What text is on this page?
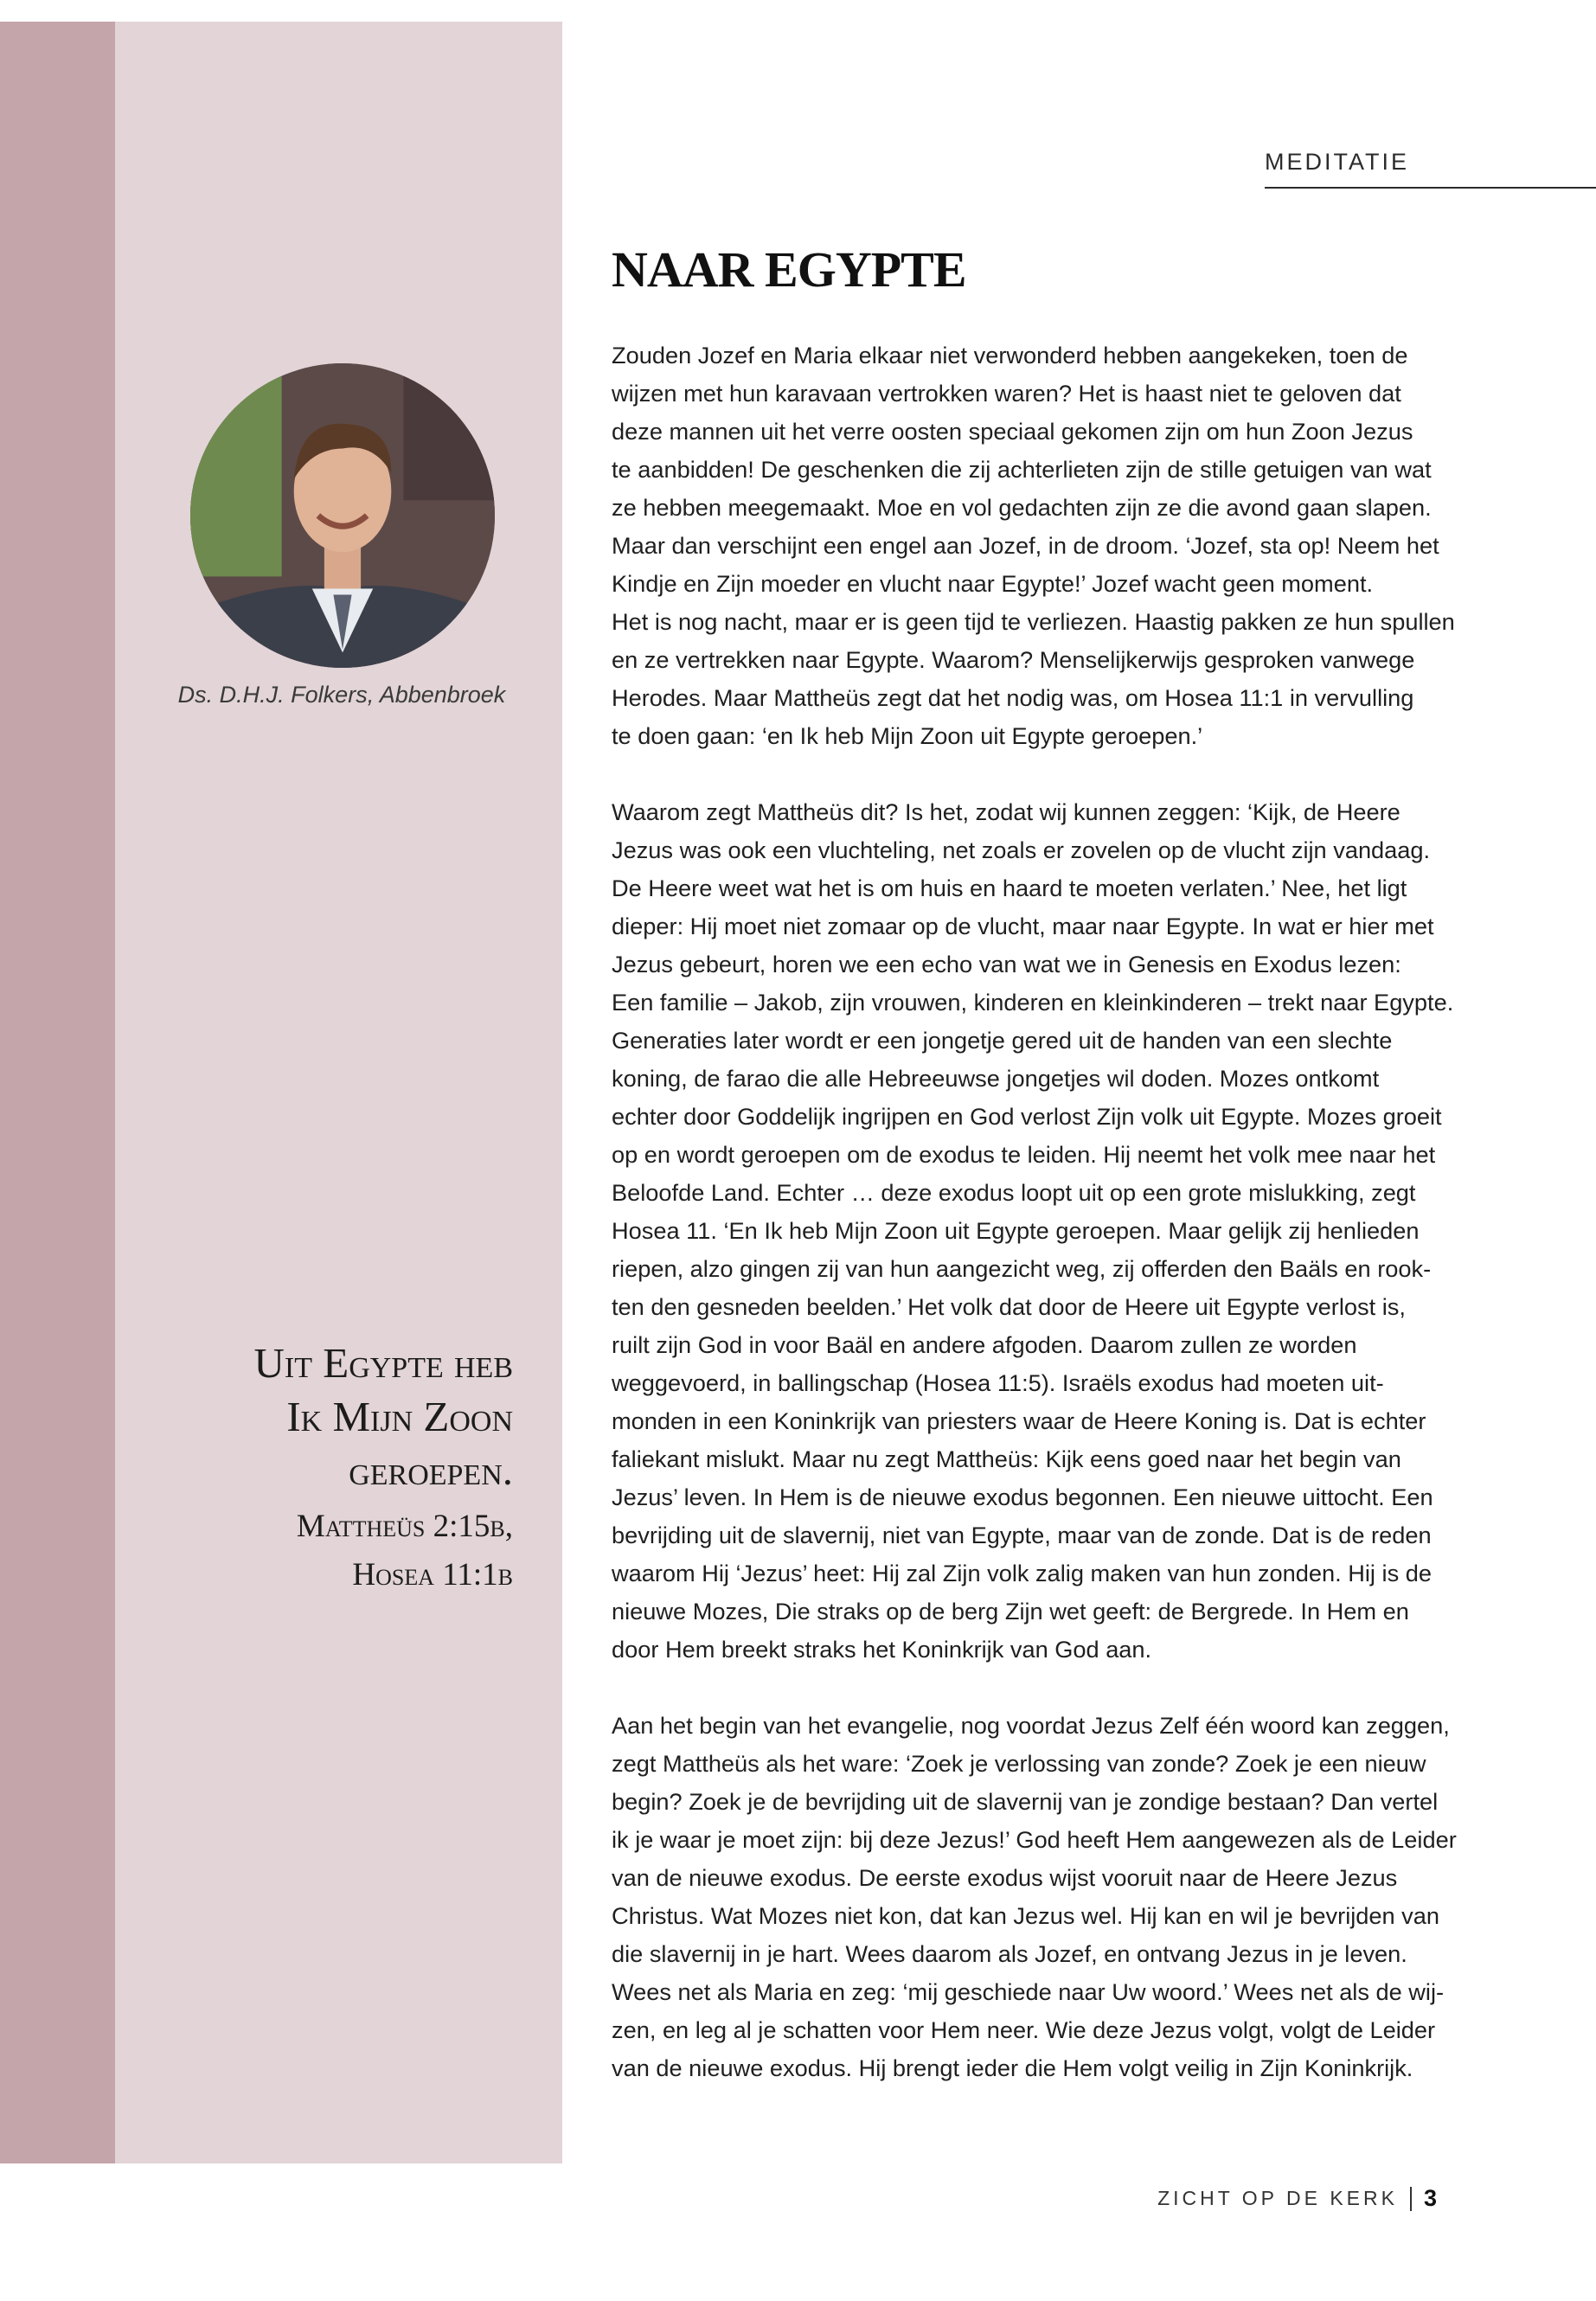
MEDITATIE
NAAR EGYPTE
Ds. D.H.J. Folkers, Abbenbroek
Uit Egypte heb
Ik Mijn Zoon
geroepen.
Mattheüs 2:15b,
Hosea 11:1b

Zouden Jozef en Maria elkaar niet verwonderd hebben aangekeken, toen de
wijzen met hun karavaan vertrokken waren? Het is haast niet te geloven dat
deze mannen uit het verre oosten speciaal gekomen zijn om hun Zoon Jezus
te aanbidden! De geschenken die zij achterlieten zijn de stille getuigen van wat
ze hebben meegemaakt. Moe en vol gedachten zijn ze die avond gaan slapen.
Maar dan verschijnt een engel aan Jozef, in de droom. ‘Jozef, sta op! Neem het
Kindje en Zijn moeder en vlucht naar Egypte!’ Jozef wacht geen moment.
Het is nog nacht, maar er is geen tijd te verliezen. Haastig pakken ze hun spullen
en ze vertrekken naar Egypte. Waarom? Menselijkerwijs gesproken vanwege
Herodes. Maar Mattheüs zegt dat het nodig was, om Hosea 11:1 in vervulling
te doen gaan: ‘en Ik heb Mijn Zoon uit Egypte geroepen.’

Waarom zegt Mattheüs dit? Is het, zodat wij kunnen zeggen: ‘Kijk, de Heere
Jezus was ook een vluchteling, net zoals er zovelen op de vlucht zijn vandaag.
De Heere weet wat het is om huis en haard te moeten verlaten.’ Nee, het ligt
dieper: Hij moet niet zomaar op de vlucht, maar naar Egypte. In wat er hier met
Jezus gebeurt, horen we een echo van wat we in Genesis en Exodus lezen:
Een familie – Jakob, zijn vrouwen, kinderen en kleinkinderen – trekt naar Egypte.
Generaties later wordt er een jongetje gered uit de handen van een slechte
koning, de farao die alle Hebreeuwse jongetjes wil doden. Mozes ontkomt
echter door Goddelijk ingrijpen en God verlost Zijn volk uit Egypte. Mozes groeit
op en wordt geroepen om de exodus te leiden. Hij neemt het volk mee naar het
Beloofde Land. Echter … deze exodus loopt uit op een grote mislukking, zegt
Hosea 11. ‘En Ik heb Mijn Zoon uit Egypte geroepen. Maar gelijk zij henlieden
riepen, alzo gingen zij van hun aangezicht weg, zij offerden den Baäls en rook-
ten den gesneden beelden.’ Het volk dat door de Heere uit Egypte verlost is,
ruilt zijn God in voor Baäl en andere afgoden. Daarom zullen ze worden
weggevoerd, in ballingschap (Hosea 11:5). Israëls exodus had moeten uit-
monden in een Koninkrijk van priesters waar de Heere Koning is. Dat is echter
faliekant mislukt. Maar nu zegt Mattheüs: Kijk eens goed naar het begin van
Jezus’ leven. In Hem is de nieuwe exodus begonnen. Een nieuwe uittocht. Een
bevrijding uit de slavernij, niet van Egypte, maar van de zonde. Dat is de reden
waarom Hij ‘Jezus’ heet: Hij zal Zijn volk zalig maken van hun zonden. Hij is de
nieuwe Mozes, Die straks op de berg Zijn wet geeft: de Bergrede. In Hem en
door Hem breekt straks het Koninkrijk van God aan.

Aan het begin van het evangelie, nog voordat Jezus Zelf één woord kan zeggen,
zegt Mattheüs als het ware: ‘Zoek je verlossing van zonde? Zoek je een nieuw
begin? Zoek je de bevrijding uit de slavernij van je zondige bestaan? Dan vertel
ik je waar je moet zijn: bij deze Jezus!’ God heeft Hem aangewezen als de Leider
van de nieuwe exodus. De eerste exodus wijst vooruit naar de Heere Jezus
Christus. Wat Mozes niet kon, dat kan Jezus wel. Hij kan en wil je bevrijden van
die slavernij in je hart. Wees daarom als Jozef, en ontvang Jezus in je leven.
Wees net als Maria en zeg: ‘mij geschiede naar Uw woord.’ Wees net als de wij-
zen, en leg al je schatten voor Hem neer. Wie deze Jezus volgt, volgt de Leider
van de nieuwe exodus. Hij brengt ieder die Hem volgt veilig in Zijn Koninkrijk.

ZICHT OP DE KERK 3
